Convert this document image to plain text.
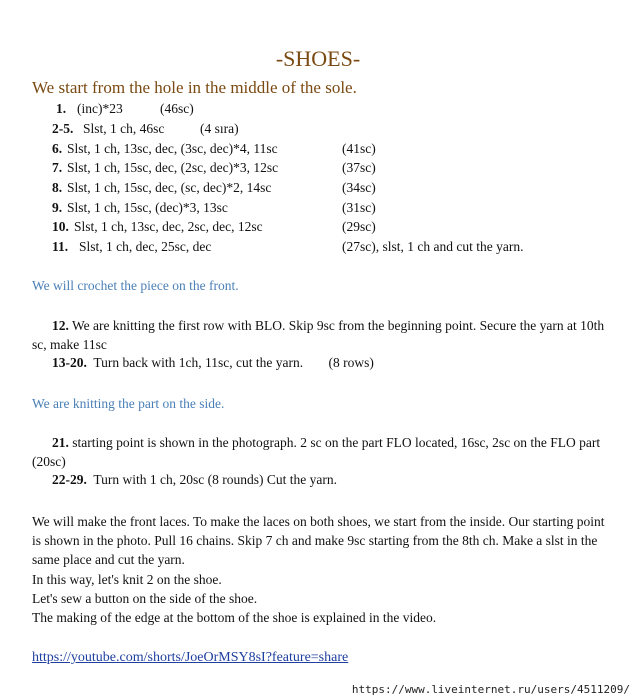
-SHOES-
We start from the hole in the middle of the sole.
1. (inc)*23	(46sc)
2-5. Slst, 1 ch, 46sc	(4 sıra)
6. Slst, 1 ch, 13sc, dec, (3sc, dec)*4, 11sc	(41sc)
7. Slst, 1 ch, 15sc, dec, (2sc, dec)*3, 12sc	(37sc)
8. Slst, 1 ch, 15sc, dec, (sc, dec)*2, 14sc	(34sc)
9. Slst, 1 ch, 15sc, (dec)*3, 13sc	(31sc)
10. Slst, 1 ch, 13sc, dec, 2sc, dec, 12sc	(29sc)
11. Slst, 1 ch, dec, 25sc, dec	(27sc), slst, 1 ch and cut the yarn.
We will crochet the piece on the front.
12. We are knitting the first row with BLO. Skip 9sc from the beginning point. Secure the yarn at 10th sc, make 11sc
13-20. Turn back with 1ch, 11sc, cut the yarn. (8 rows)
We are knitting the part on the side.
21. starting point is shown in the photograph. 2 sc on the part FLO located, 16sc, 2sc on the FLO part (20sc)
22-29. Turn with 1 ch, 20sc (8 rounds) Cut the yarn.
We will make the front laces. To make the laces on both shoes, we start from the inside. Our starting point is shown in the photo. Pull 16 chains. Skip 7 ch and make 9sc starting from the 8th ch. Make a slst in the same place and cut the yarn.
In this way, let's knit 2 on the shoe.
Let's sew a button on the side of the shoe.
The making of the edge at the bottom of the shoe is explained in the video.
https://youtube.com/shorts/JoeOrMSY8sI?feature=share
https://www.liveinternet.ru/users/4511209/
